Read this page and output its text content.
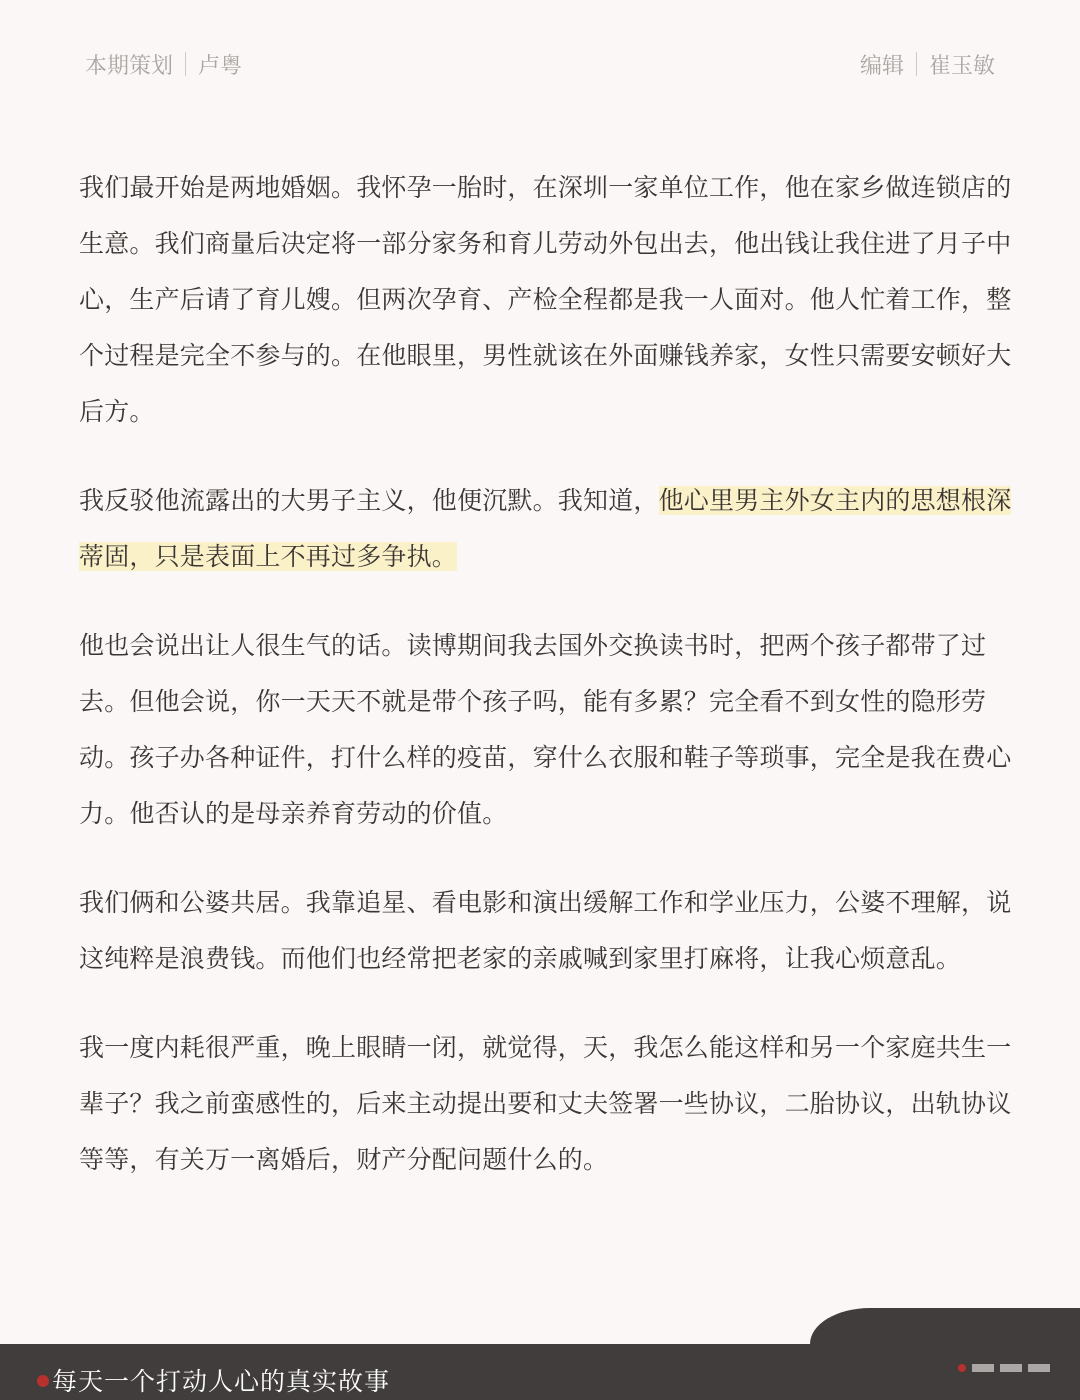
本期策划 卢粤	编辑 崔玉敏

我们最开始是两地婚姻。我怀孕一胎时，在深圳一家单位工作，他在家乡做连锁店的生意。我们商量后决定将一部分家务和育儿劳动外包出去，他出钱让我住进了月子中心，生产后请了育儿嫂。但两次孕育、产检全程都是我一人面对。他人忙着工作，整个过程是完全不参与的。在他眼里，男性就该在外面赚钱养家，女性只需要安顿好大后方。

我反驳他流露出的大男子主义，他便沉默。我知道，他心里男主外女主内的思想根深蒂固，只是表面上不再过多争执。

他也会说出让人很生气的话。读博期间我去国外交换读书时，把两个孩子都带了过去。但他会说，你一天天不就是带个孩子吗，能有多累？完全看不到女性的隐形劳动。孩子办各种证件，打什么样的疫苗，穿什么衣服和鞋子等琐事，完全是我在费心力。他否认的是母亲养育劳动的价值。

我们俩和公婆共居。我靠追星、看电影和演出缓解工作和学业压力，公婆不理解，说这纯粹是浪费钱。而他们也经常把老家的亲戚喊到家里打麻将，让我心烦意乱。

我一度内耗很严重，晚上眼睛一闭，就觉得，天，我怎么能这样和另一个家庭共生一辈子？我之前蛮感性的，后来主动提出要和丈夫签署一些协议，二胎协议，出轨协议等等，有关万一离婚后，财产分配问题什么的。

每天一个打动人心的真实故事
